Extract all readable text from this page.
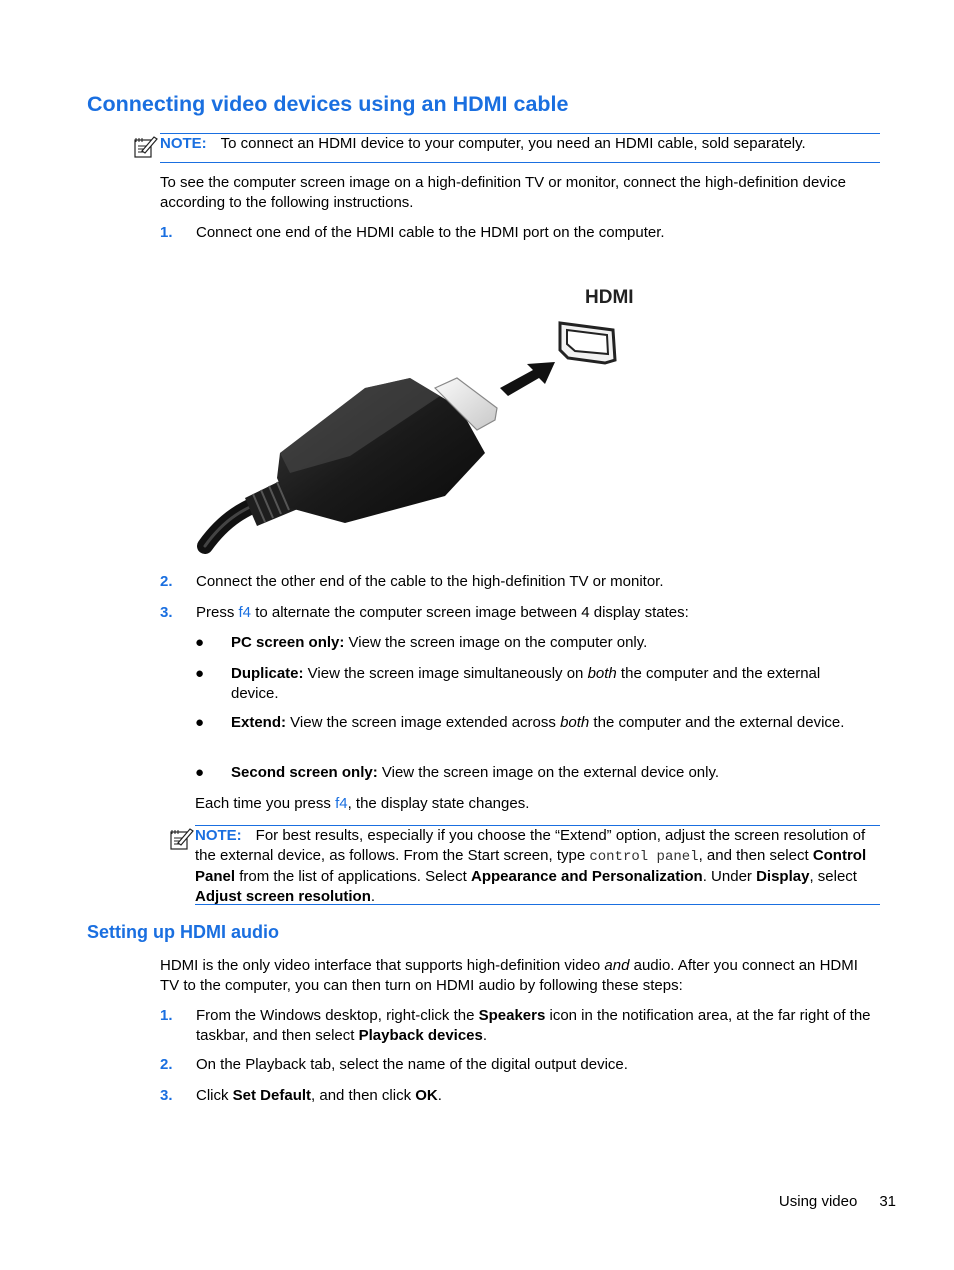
Connecting video devices using an HDMI cable
NOTE: To connect an HDMI device to your computer, you need an HDMI cable, sold separately.
To see the computer screen image on a high-definition TV or monitor, connect the high-definition device according to the following instructions.
1. Connect one end of the HDMI cable to the HDMI port on the computer.
HDMI
2. Connect the other end of the cable to the high-definition TV or monitor.
3. Press f4 to alternate the computer screen image between 4 display states:
● PC screen only: View the screen image on the computer only.
● Duplicate: View the screen image simultaneously on both the computer and the external device.
● Extend: View the screen image extended across both the computer and the external device.
● Second screen only: View the screen image on the external device only.
Each time you press f4, the display state changes.
NOTE: For best results, especially if you choose the “Extend” option, adjust the screen resolution of the external device, as follows. From the Start screen, type control panel, and then select Control Panel from the list of applications. Select Appearance and Personalization. Under Display, select Adjust screen resolution.
Setting up HDMI audio
HDMI is the only video interface that supports high-definition video and audio. After you connect an HDMI TV to the computer, you can then turn on HDMI audio by following these steps:
1. From the Windows desktop, right-click the Speakers icon in the notification area, at the far right of the taskbar, and then select Playback devices.
2. On the Playback tab, select the name of the digital output device.
3. Click Set Default, and then click OK.
Using video 31
